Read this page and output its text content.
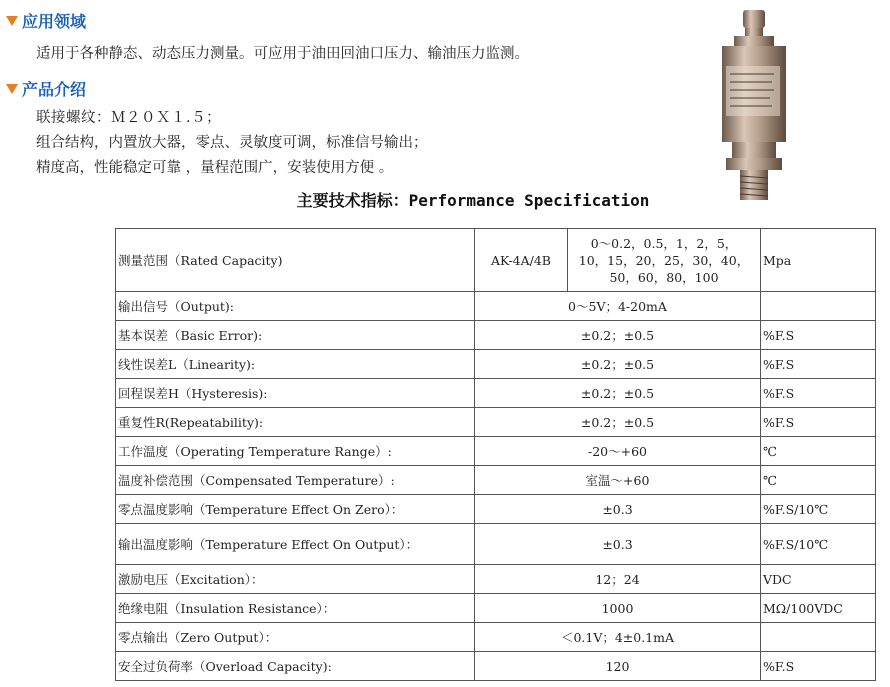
应用领域
适用于各种静态、动态压力测量。可应用于油田回油口压力、输油压力监测。
产品介绍
联接螺纹：Ｍ２０Ｘ１.５；
组合结构，内置放大器，零点、灵敏度可调，标准信号输出；
精度高，性能稳定可靠 ，量程范围广，安装使用方便 。
主要技术指标：Performance Specification
测量范围（Rated Capacity)	AK-4A/4B	0～0.2，0.5，1，2，5，
10，15，20，25，30，40，
50，60，80，100	Mpa
输出信号（Output):	0～5V；4-20mA		
基本误差（Basic Error):	±0.2；±0.5		%F.S
线性误差L（Linearity):	±0.2；±0.5		%F.S
回程误差H（Hysteresis):	±0.2；±0.5		%F.S
重复性R(Repeatability):	±0.2；±0.5		%F.S
工作温度（Operating Temperature Range）:	-20～+60		℃
温度补偿范围（Compensated Temperature）:	室温～+60		℃
零点温度影响（Temperature Effect On Zero）：	±0.3		%F.S/10℃
输出温度影响（Temperature Effect On Output）：	±0.3		%F.S/10℃
激励电压（Excitation）：	12；24		VDC
绝缘电阻（Insulation Resistance）：	1000		MΩ/100VDC
零点输出（Zero Output）：	＜0.1V；4±0.1mA		
安全过负荷率（Overload Capacity):	120		%F.S
